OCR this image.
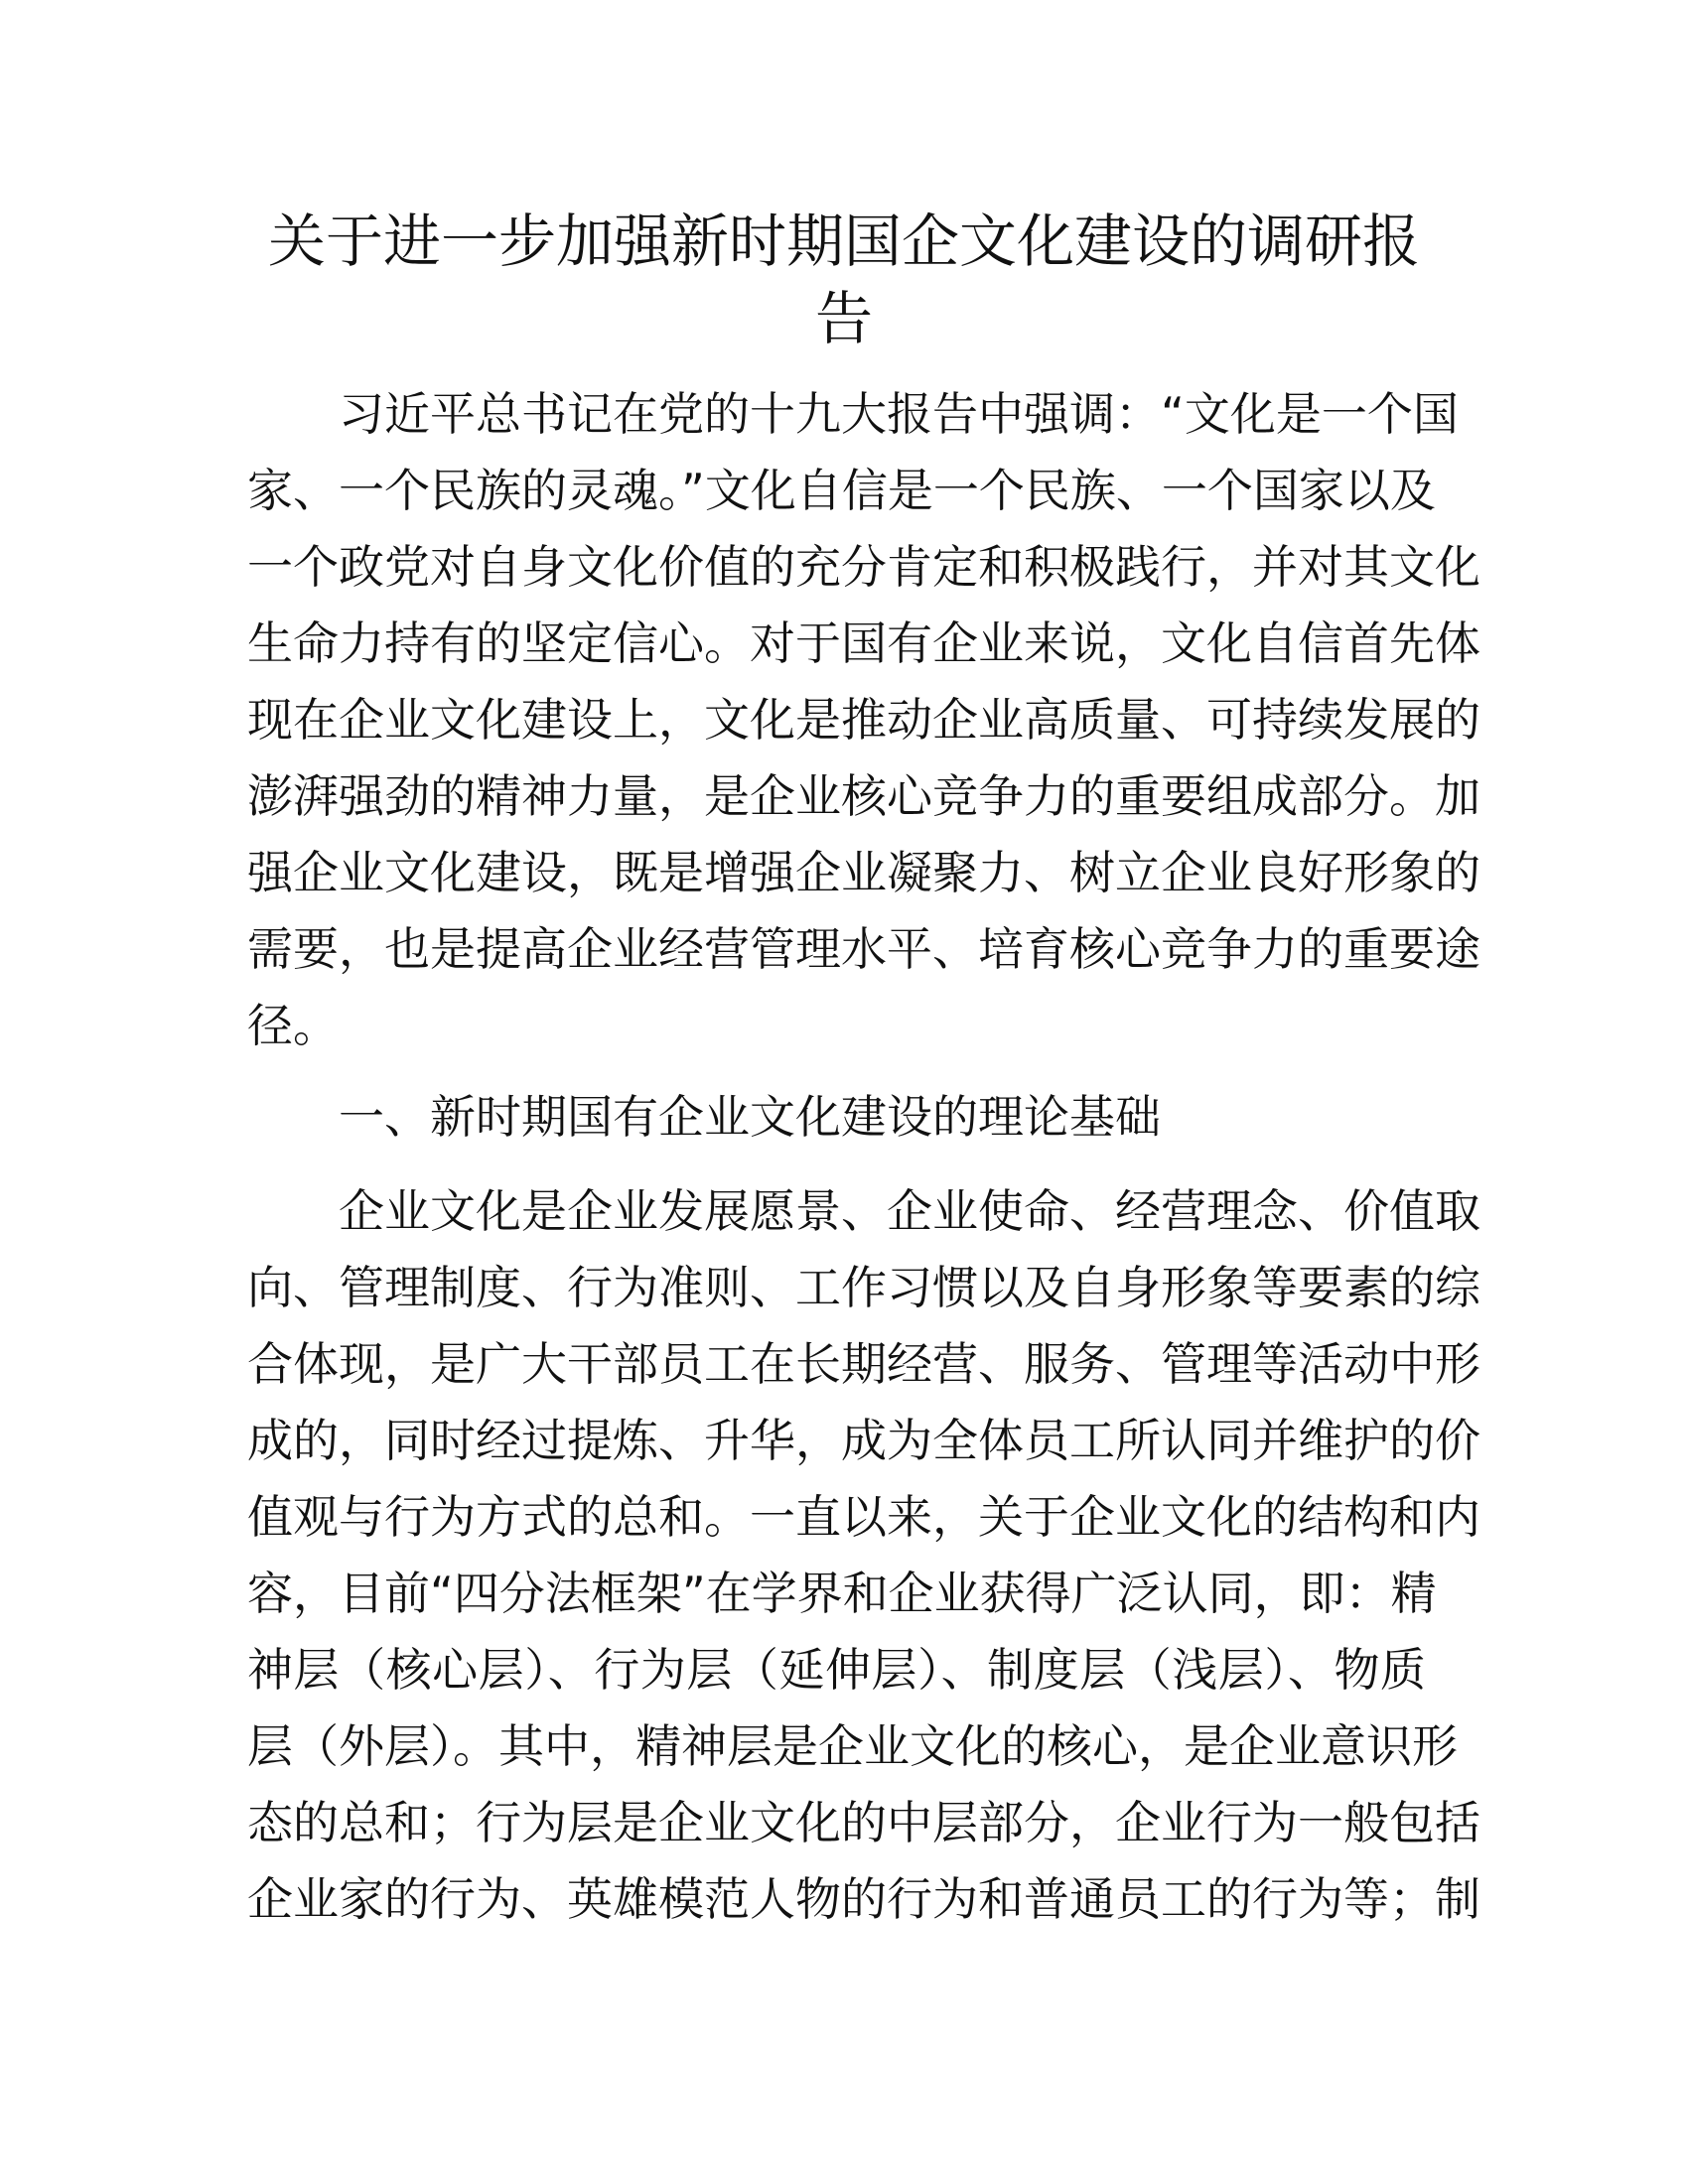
关于进一步加强新时期国企文化建设的调研报
告
习近平总书记在党的十九大报告中强调：“文化是一个国
家、一个民族的灵魂。”文化自信是一个民族、一个国家以及
一个政党对自身文化价值的充分肯定和积极践行，并对其文化
生命力持有的坚定信心。对于国有企业来说，文化自信首先体
现在企业文化建设上，文化是推动企业高质量、可持续发展的
澎湃强劲的精神力量，是企业核心竞争力的重要组成部分。加
强企业文化建设，既是增强企业凝聚力、树立企业良好形象的
需要，也是提高企业经营管理水平、培育核心竞争力的重要途
径。
一、新时期国有企业文化建设的理论基础
企业文化是企业发展愿景、企业使命、经营理念、价值取
向、管理制度、行为准则、工作习惯以及自身形象等要素的综
合体现，是广大干部员工在长期经营、服务、管理等活动中形
成的，同时经过提炼、升华，成为全体员工所认同并维护的价
值观与行为方式的总和。一直以来，关于企业文化的结构和内
容，目前“四分法框架”在学界和企业获得广泛认同，即：精
神层（核心层）、行为层（延伸层）、制度层（浅层）、物质
层（外层）。其中，精神层是企业文化的核心，是企业意识形
态的总和；行为层是企业文化的中层部分，企业行为一般包括
企业家的行为、英雄模范人物的行为和普通员工的行为等；制
